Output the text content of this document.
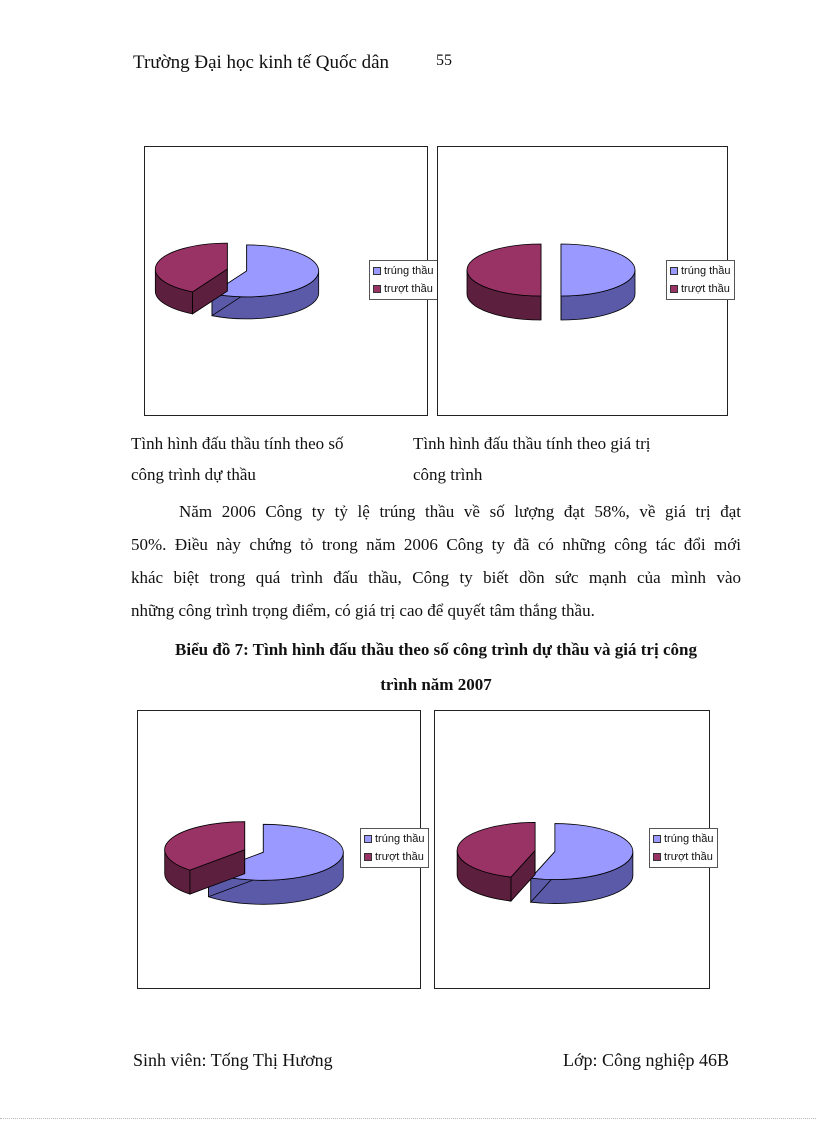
Trường Đại học kinh tế Quốc dân	55
trúng thầu
trượt thầu
trúng thầu
trượt thầu
Tình hình đấu thầu tính theo số
công trình dự thầu
Tình hình đấu thầu tính theo giá trị
công trình
Năm 2006 Công ty tỷ lệ trúng thầu về số lượng đạt 58%, về giá trị đạt
50%. Điều này chứng tỏ trong năm 2006 Công ty đã có những công tác đổi mới
khác biệt trong quá trình đấu thầu, Công ty biết dồn sức mạnh của mình vào
những công trình trọng điểm, có giá trị cao để quyết tâm thắng thầu.
Biểu đồ 7: Tình hình đấu thầu theo số công trình dự thầu và giá trị công
trình năm 2007
trúng thầu
trượt thầu
trúng thầu
trượt thầu
Sinh viên: Tống Thị Hương	Lớp: Công nghiệp 46B
